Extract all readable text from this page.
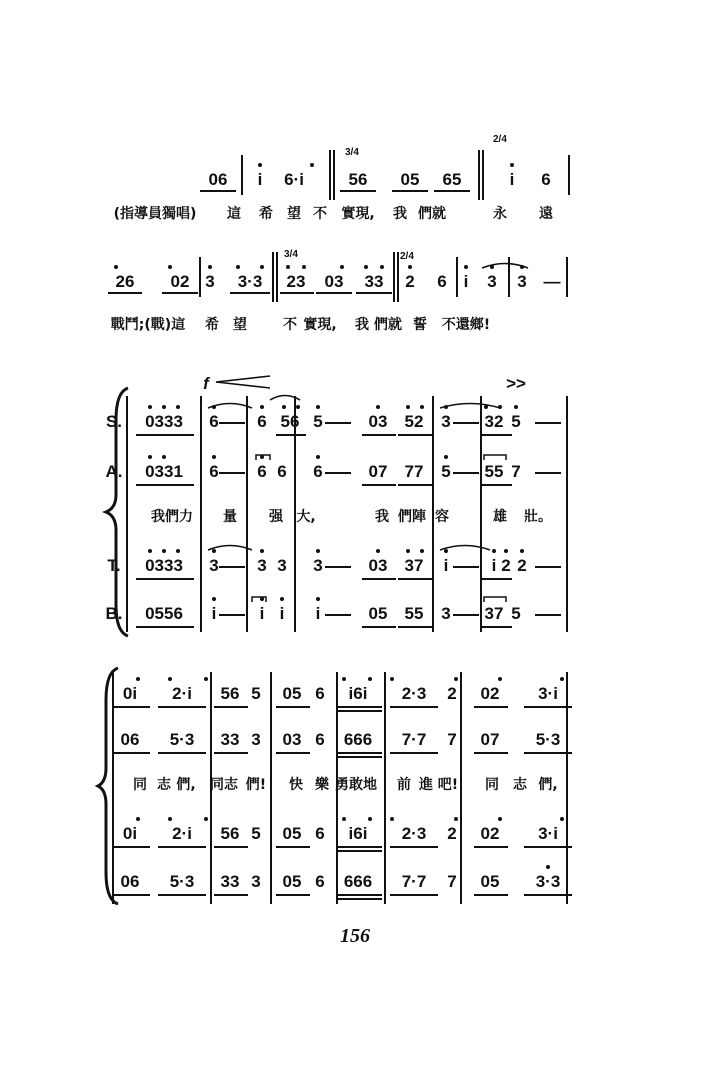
156
06	i	6·i	56	05	65	i	6
3/4
2/4
(指導員獨唱)	這	希	望 不	實現,	我 們就	永	遠
26	02 3	3·3	23	03	33	2	6 i	3	3 —
3/4	2/4
戰鬥;(戰)這	希 望	不 實現,	我 們就 誓	不還鄉!
f	>>
S.
A.
T.
B.
0333	6 6 56 5	03	52	3	32 5
0331	6 6 6 6	07	77	5	55 7
0333	3 3 3 3	03	37	i	i 2 2
0556	i	i i	i	05	55	3	37 5
我們力	量 强 大,	我 們陣 容	雄 壯。
0i	2·i	56 5	05 6	i6i	2·3	2	02	3·i
06	5·3	33 3	03 6	666	7·7	7	07	5·3
0i	2·i	56 5	05 6	i6i	2·3	2	02	3·i
06	5·3	33 3	05 6	666	7·7	7	05	3·3
同 志 們,	同志 們!	快 樂 勇敢地 前 進 吧! 同 志 們,
